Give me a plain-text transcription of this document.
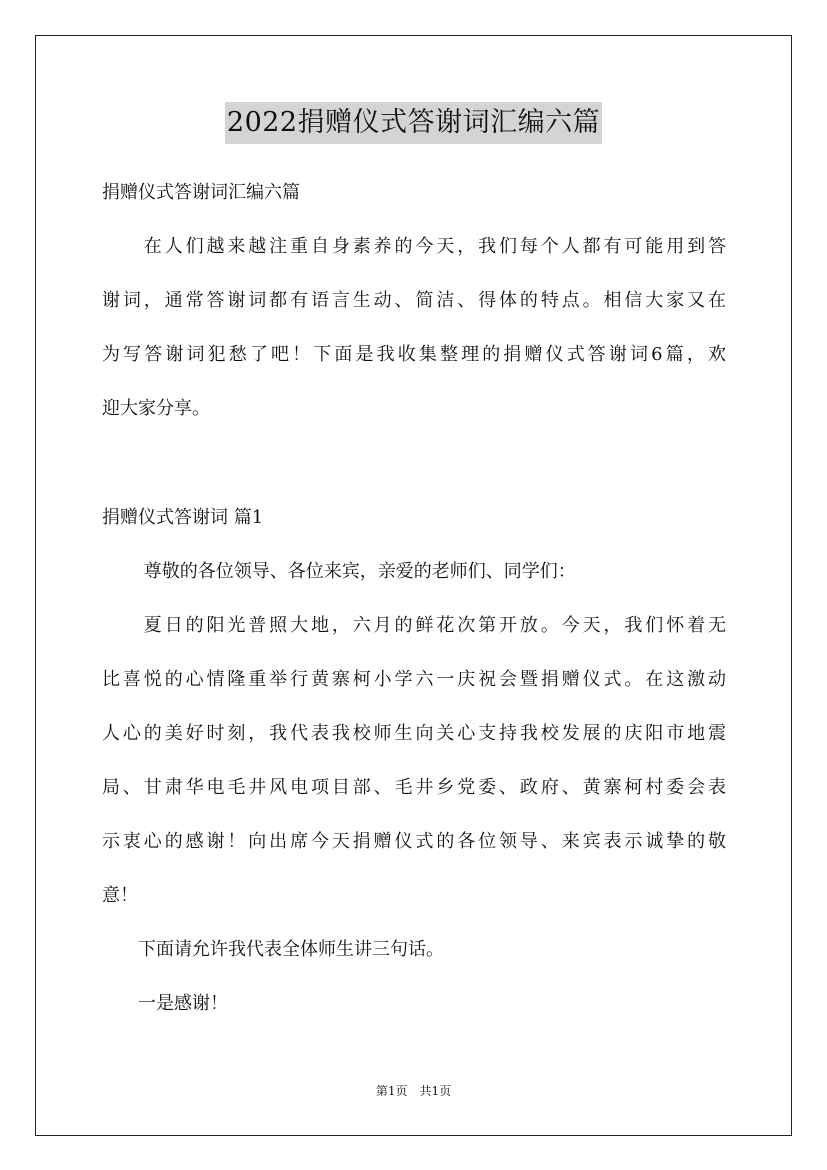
2022捐赠仪式答谢词汇编六篇
捐赠仪式答谢词汇编六篇
　　在人们越来越注重自身素养的今天，我们每个人都有可能用到答
谢词，通常答谢词都有语言生动、简洁、得体的特点。相信大家又在
为写答谢词犯愁了吧！下面是我收集整理的捐赠仪式答谢词6篇，欢
迎大家分享。
捐赠仪式答谢词 篇1
　　 尊敬的各位领导、各位来宾，亲爱的老师们、同学们：
　　夏日的阳光普照大地，六月的鲜花次第开放。今天，我们怀着无
比喜悦的心情隆重举行黄寨柯小学六一庆祝会暨捐赠仪式。在这激动
人心的美好时刻，我代表我校师生向关心支持我校发展的庆阳市地震
局、甘肃华电毛井风电项目部、毛井乡党委、政府、黄寨柯村委会表
示衷心的感谢！向出席今天捐赠仪式的各位领导、来宾表示诚挚的敬
意！
　　下面请允许我代表全体师生讲三句话。
　　一是感谢！
第1页　共1页
